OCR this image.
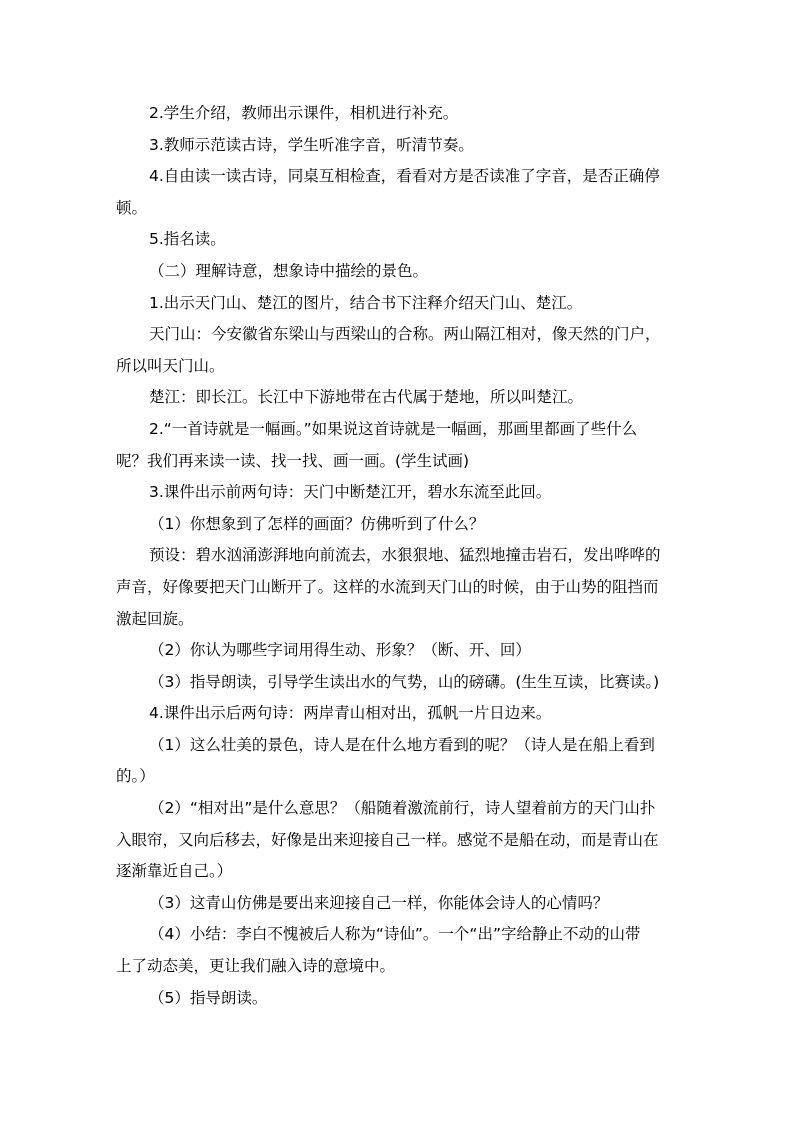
2.学生介绍，教师出示课件，相机进行补充。
3.教师示范读古诗，学生听准字音，听清节奏。
4.自由读一读古诗，同桌互相检查，看看对方是否读准了字音，是否正确停
顿。
5.指名读。
（二）理解诗意，想象诗中描绘的景色。
1.出示天门山、楚江的图片，结合书下注释介绍天门山、楚江。
天门山：今安徽省东梁山与西梁山的合称。两山隔江相对，像天然的门户，
所以叫天门山。
楚江：即长江。长江中下游地带在古代属于楚地，所以叫楚江。
2.“一首诗就是一幅画。”如果说这首诗就是一幅画，那画里都画了些什么
呢？我们再来读一读、找一找、画一画。(学生试画)
3.课件出示前两句诗：天门中断楚江开，碧水东流至此回。
（1）你想象到了怎样的画面？仿佛听到了什么？
预设：碧水汹涌澎湃地向前流去，水狠狠地、猛烈地撞击岩石，发出哗哗的
声音，好像要把天门山断开了。这样的水流到天门山的时候，由于山势的阻挡而
激起回旋。
（2）你认为哪些字词用得生动、形象？（断、开、回）
（3）指导朗读，引导学生读出水的气势，山的磅礴。(生生互读，比赛读。)
4.课件出示后两句诗：两岸青山相对出，孤帆一片日边来。
（1）这么壮美的景色，诗人是在什么地方看到的呢？（诗人是在船上看到
的。）
（2）“相对出”是什么意思？（船随着激流前行，诗人望着前方的天门山扑
入眼帘，又向后移去，好像是出来迎接自己一样。感觉不是船在动，而是青山在
逐渐靠近自己。）
（3）这青山仿佛是要出来迎接自己一样，你能体会诗人的心情吗？
（4）小结：李白不愧被后人称为“诗仙”。一个“出”字给静止不动的山带
上了动态美，更让我们融入诗的意境中。
（5）指导朗读。
